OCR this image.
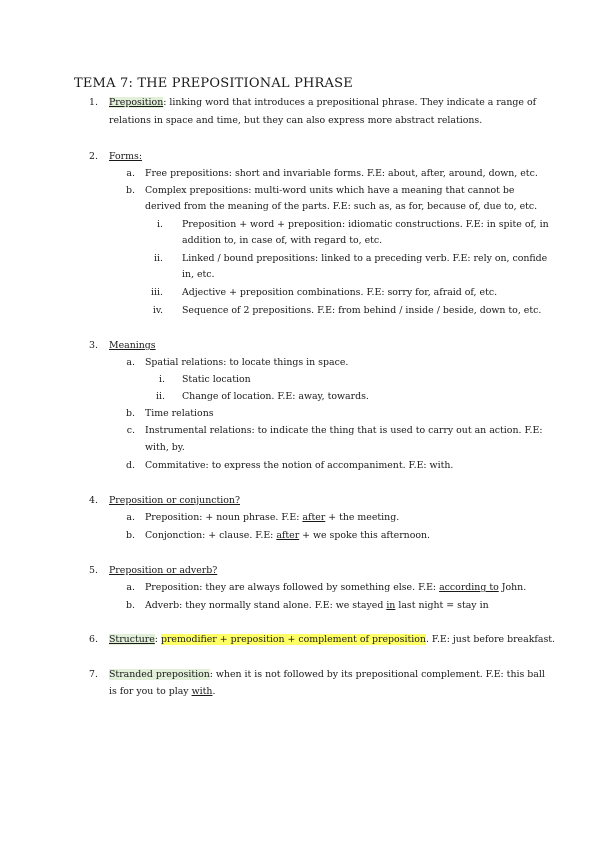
TEMA 7: THE PREPOSITIONAL PHRASE
1. Preposition: linking word that introduces a prepositional phrase. They indicate a range of
relations in space and time, but they can also express more abstract relations.
2. Forms:
a. Free prepositions: short and invariable forms. F.E: about, after, around, down, etc.
b. Complex prepositions: multi-word units which have a meaning that cannot be
derived from the meaning of the parts. F.E: such as, as for, because of, due to, etc.
i. Preposition + word + preposition: idiomatic constructions. F.E: in spite of, in
addition to, in case of, with regard to, etc.
ii. Linked / bound prepositions: linked to a preceding verb. F.E: rely on, confide
in, etc.
iii. Adjective + preposition combinations. F.E: sorry for, afraid of, etc.
iv. Sequence of 2 prepositions. F.E: from behind / inside / beside, down to, etc.
3. Meanings
a. Spatial relations: to locate things in space.
i. Static location
ii. Change of location. F.E: away, towards.
b. Time relations
c. Instrumental relations: to indicate the thing that is used to carry out an action. F.E:
with, by.
d. Commitative: to express the notion of accompaniment. F.E: with.
4. Preposition or conjunction?
a. Preposition: + noun phrase. F.E: after + the meeting.
b. Conjonction: + clause. F.E: after + we spoke this afternoon.
5. Preposition or adverb?
a. Preposition: they are always followed by something else. F.E: according to John.
b. Adverb: they normally stand alone. F.E: we stayed in last night = stay in
6. Structure: premodifier + preposition + complement of preposition. F.E: just before breakfast.
7. Stranded preposition: when it is not followed by its prepositional complement. F.E: this ball
is for you to play with.
